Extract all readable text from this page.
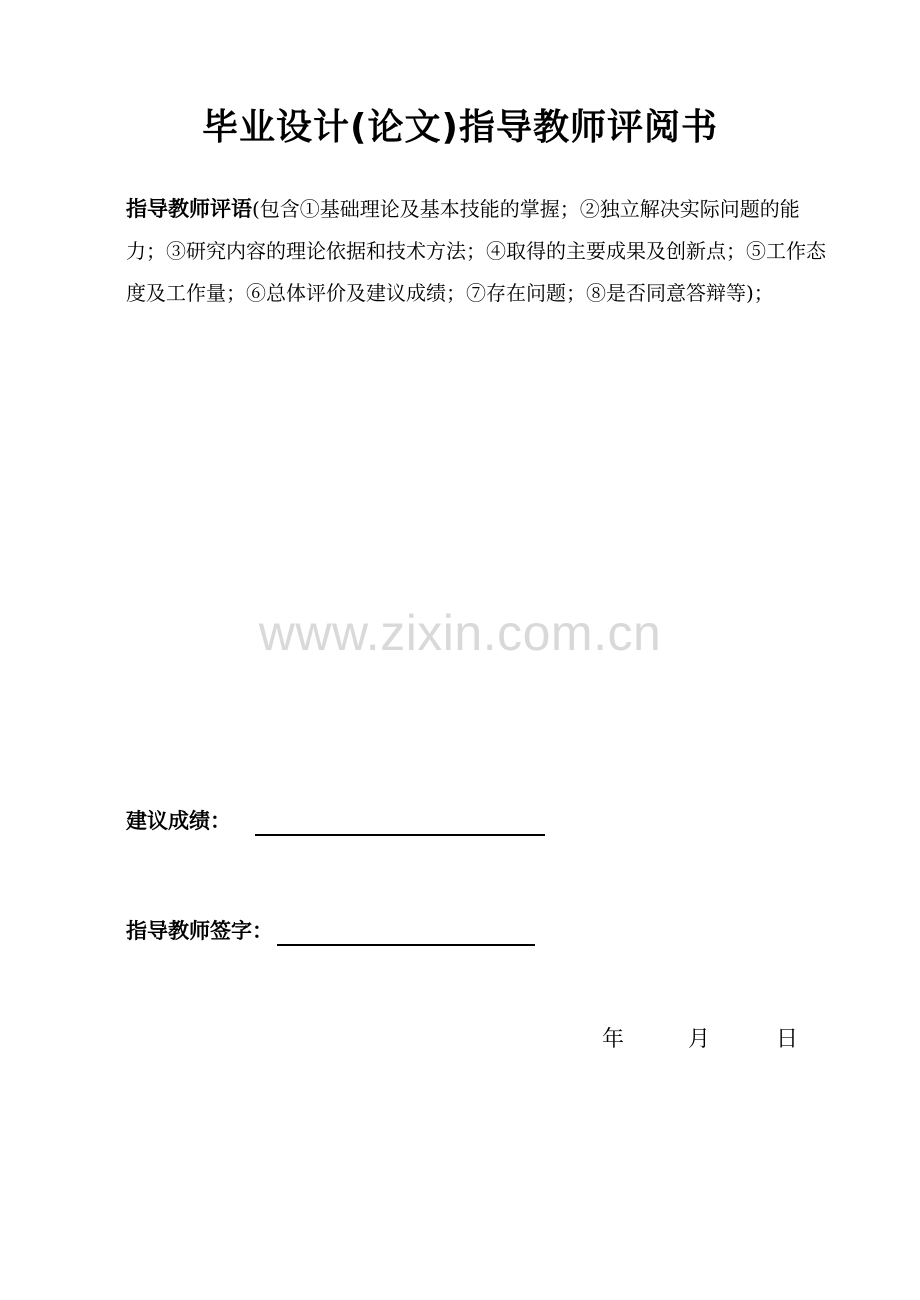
毕业设计(论文)指导教师评阅书
指导教师评语(包含①基础理论及基本技能的掌握；②独立解决实际问题的能力；③研究内容的理论依据和技术方法；④取得的主要成果及创新点；⑤工作态度及工作量；⑥总体评价及建议成绩；⑦存在问题；⑧是否同意答辩等)；
www.zixin.com.cn
建议成绩：
指导教师签字：
年	月	日
